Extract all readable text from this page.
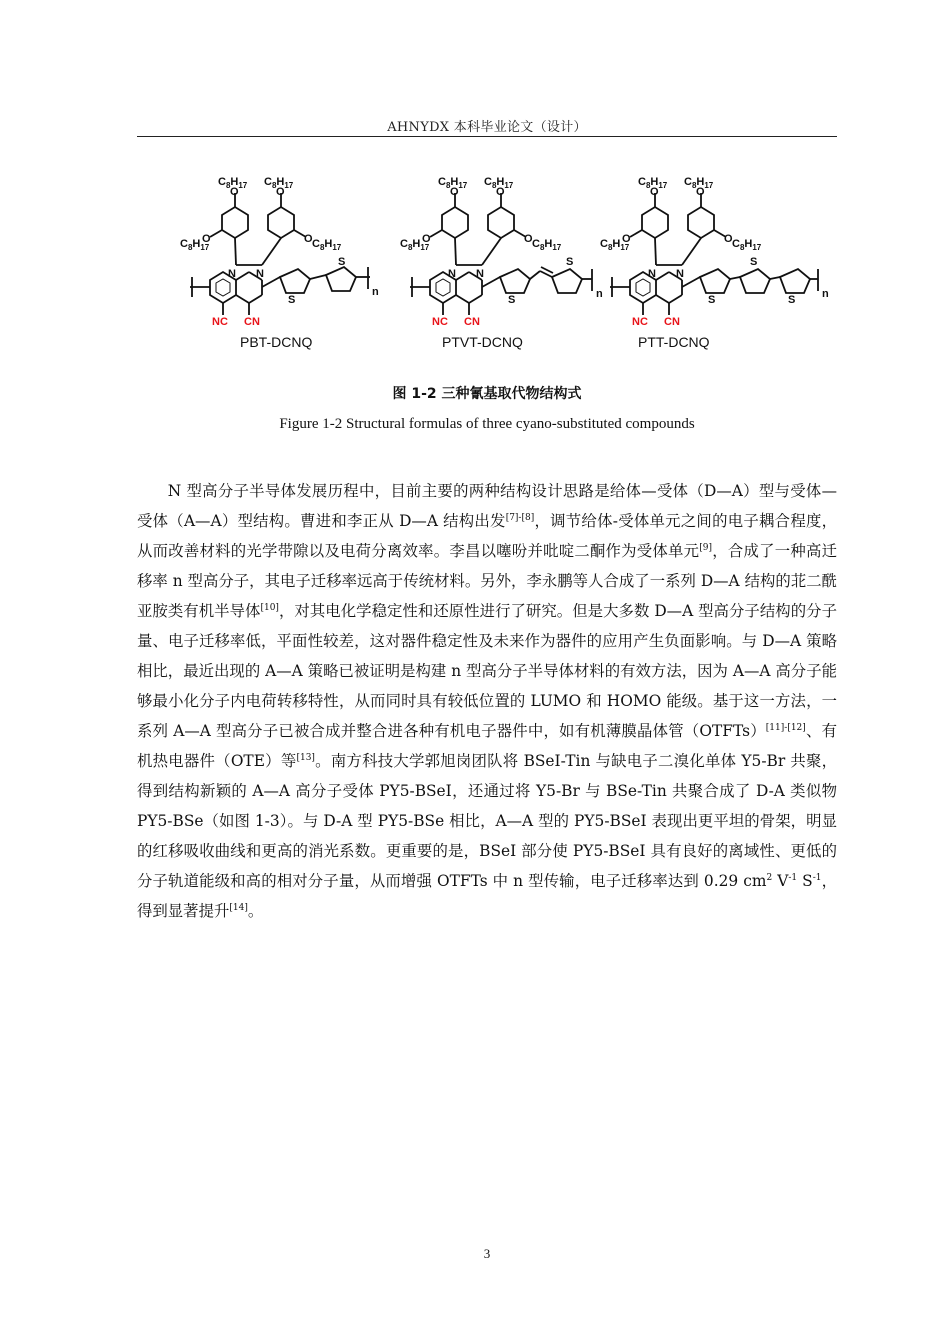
AHNYDX 本科毕业论文（设计）
N N
O	O
O	O
S
S
n
NC CN
$C_8H_{17}$ $C_8H_{17}$
$C_8H_{17}$	$C_8H_{17}$
PBT-DCNQ
N N
O	O
O	O
S
S
n
NC CN
$C_8H_{17}$ $C_8H_{17}$
$C_8H_{17}$	$C_8H_{17}$
PTVT-DCNQ
N N
O	O
O	O
S
S
S n
NC CN
$C_8H_{17}$ $C_8H_{17}$
$C_8H_{17}$	$C_8H_{17}$
PTT-DCNQ
图 1-2 三种氰基取代物结构式
Figure 1-2 Structural formulas of three cyano-substituted compounds

N 型高分子半导体发展历程中，目前主要的两种结构设计思路是给体—受体（D—A）型与受体—受体（A—A）型结构。曹进和李正从 D—A 结构出发[7]-[8]，调节给体-受体单元之间的电子耦合程度，从而改善材料的光学带隙以及电荷分离效率。李昌以噻吩并吡啶二酮作为受体单元[9]，合成了一种高迁移率 n 型高分子，其电子迁移率远高于传统材料。另外，李永鹏等人合成了一系列 D—A 结构的苝二酰亚胺类有机半导体[10]，对其电化学稳定性和还原性进行了研究。但是大多数 D—A 型高分子结构的分子量、电子迁移率低，平面性较差，这对器件稳定性及未来作为器件的应用产生负面影响。与 D—A 策略相比，最近出现的 A—A 策略已被证明是构建 n 型高分子半导体材料的有效方法，因为 A—A 高分子能够最小化分子内电荷转移特性，从而同时具有较低位置的 LUMO 和 HOMO 能级。基于这一方法，一系列 A—A 型高分子已被合成并整合进各种有机电子器件中，如有机薄膜晶体管（OTFTs）[11]-[12]、有机热电器件（OTE）等[13]。南方科技大学郭旭岗团队将 BSeI-Tin 与缺电子二溴化单体 Y5-Br 共聚，得到结构新颖的 A—A 高分子受体 PY5-BSeI，还通过将 Y5-Br 与 BSe-Tin 共聚合成了 D-A 类似物 PY5-BSe（如图 1-3）。与 D-A 型 PY5-BSe 相比，A—A 型的 PY5-BSeI 表现出更平坦的骨架，明显的红移吸收曲线和更高的消光系数。更重要的是，BSeI 部分使 PY5-BSeI 具有良好的离域性、更低的分子轨道能级和高的相对分子量，从而增强 OTFTs 中 n 型传输，电子迁移率达到 0.29 $cm^2$ $V^{-1}$ $S^{-1}$，得到显著提升[14]。

3
